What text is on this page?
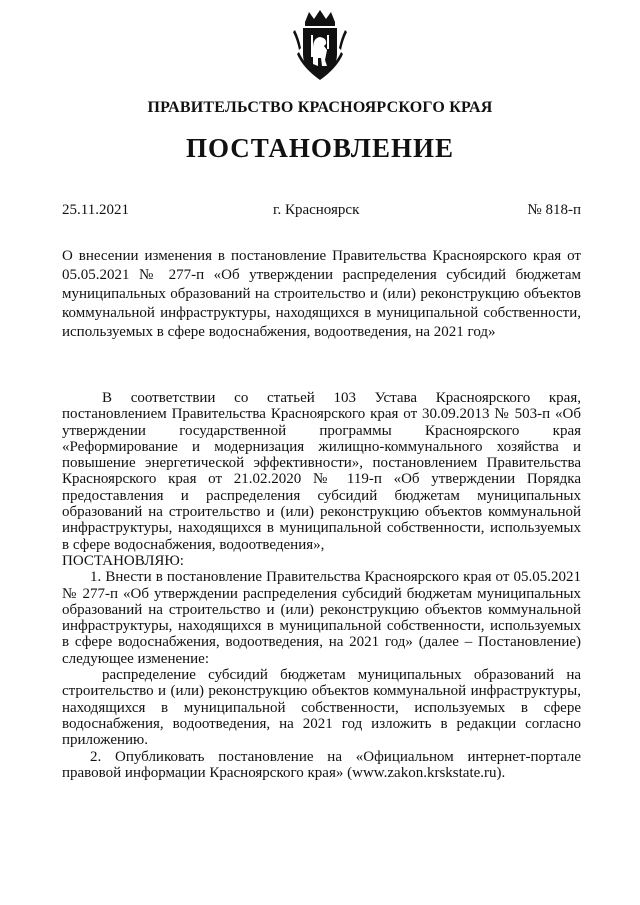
ПРАВИТЕЛЬСТВО КРАСНОЯРСКОГО КРАЯ
ПОСТАНОВЛЕНИЕ
25.11.2021	г. Красноярск	№ 818-п
О внесении изменения в постановление Правительства Красноярского края от 05.05.2021 № 277-п «Об утверждении распределения субсидий бюджетам муниципальных образований на строительство и (или) реконструкцию объектов коммунальной инфраструктуры, находящихся в муниципальной собственности, используемых в сфере водоснабжения, водоотведения, на 2021 год»

В соответствии со статьей 103 Устава Красноярского края, постановлением Правительства Красноярского края от 30.09.2013 № 503-п «Об утверждении государственной программы Красноярского края «Реформирование и модернизация жилищно-коммунального хозяйства и повышение энергетической эффективности», постановлением Правительства Красноярского края от 21.02.2020 № 119-п «Об утверждении Порядка предоставления и распределения субсидий бюджетам муниципальных образований на строительство и (или) реконструкцию объектов коммунальной инфраструктуры, находящихся в муниципальной собственности, используемых в сфере водоснабжения, водоотведения»,

ПОСТАНОВЛЯЮ:

1. Внести в постановление Правительства Красноярского края от 05.05.2021 № 277-п «Об утверждении распределения субсидий бюджетам муниципальных образований на строительство и (или) реконструкцию объектов коммунальной инфраструктуры, находящихся в муниципальной собственности, используемых в сфере водоснабжения, водоотведения, на 2021 год» (далее – Постановление) следующее изменение:

распределение субсидий бюджетам муниципальных образований на строительство и (или) реконструкцию объектов коммунальной инфраструктуры, находящихся в муниципальной собственности, используемых в сфере водоснабжения, водоотведения, на 2021 год изложить в редакции согласно приложению.

2. Опубликовать постановление на «Официальном интернет-портале правовой информации Красноярского края» (www.zakon.krskstate.ru).
